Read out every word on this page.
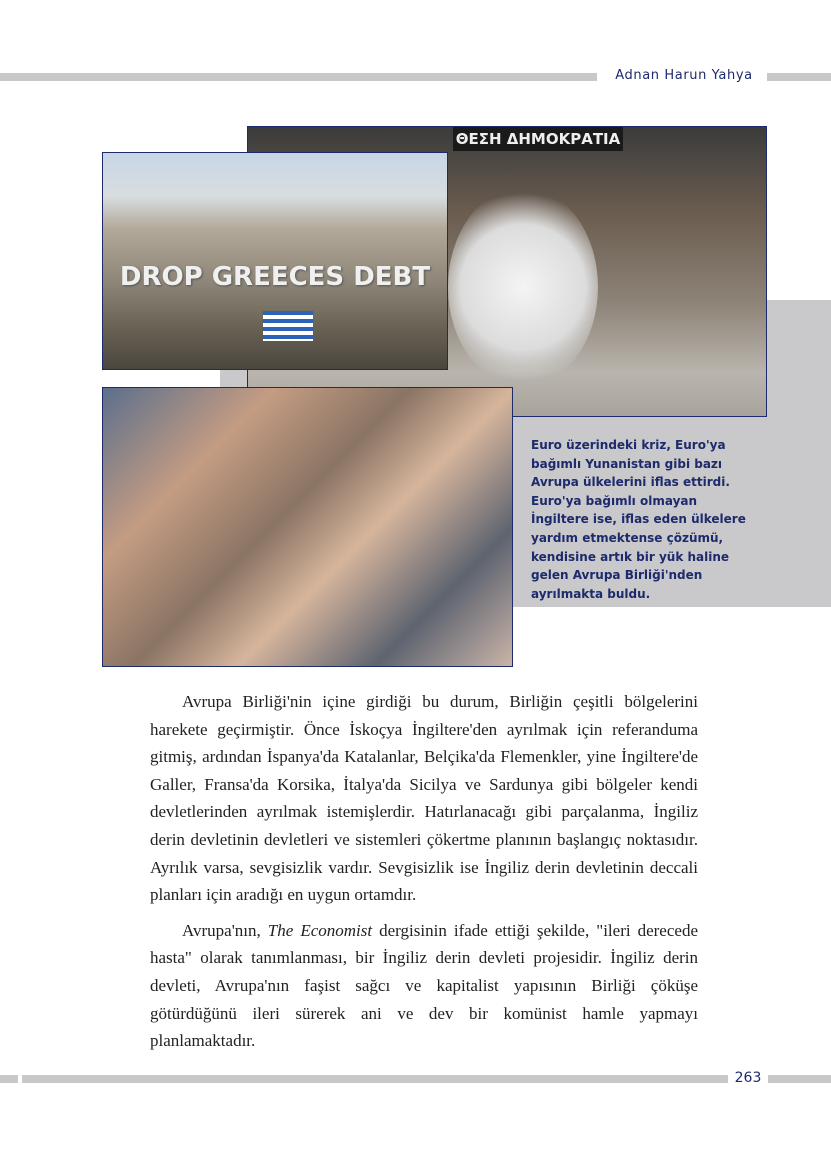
Adnan Harun Yahya
ΘΕΣΗ ΔΗΜΟΚΡΑΤΙΑ
DROP GREECES DEBT
Euro üzerindeki kriz, Euro'ya bağımlı Yunanistan gibi bazı Avrupa ülkelerini iflas ettirdi. Euro'ya bağımlı olmayan İngiltere ise, iflas eden ülkelere yardım etmektense çözümü, kendisine artık bir yük haline gelen Avrupa Birliği'nden ayrılmakta buldu.

Avrupa Birliği'nin içine girdiği bu durum, Birliğin çeşitli bölgelerini harekete geçirmiştir. Önce İskoçya İngiltere'den ayrılmak için referanduma gitmiş, ardından İspanya'da Katalanlar, Belçika'da Flemenkler, yine İngiltere'de Galler, Fransa'da Korsika, İtalya'da Sicilya ve Sardunya gibi bölgeler kendi devletlerinden ayrılmak istemişlerdir. Hatırlanacağı gibi parçalanma, İngiliz derin devletinin devletleri ve sistemleri çökertme planının başlangıç noktasıdır. Ayrılık varsa, sevgisizlik vardır. Sevgisizlik ise İngiliz derin devletinin deccali planları için aradığı en uygun ortamdır.

Avrupa'nın, The Economist dergisinin ifade ettiği şekilde, "ileri derecede hasta" olarak tanımlanması, bir İngiliz derin devleti projesidir. İngiliz derin devleti, Avrupa'nın faşist sağcı ve kapitalist yapısının Birliği çöküşe götürdüğünü ileri sürerek ani ve dev bir komünist hamle yapmayı planlamaktadır.

263
